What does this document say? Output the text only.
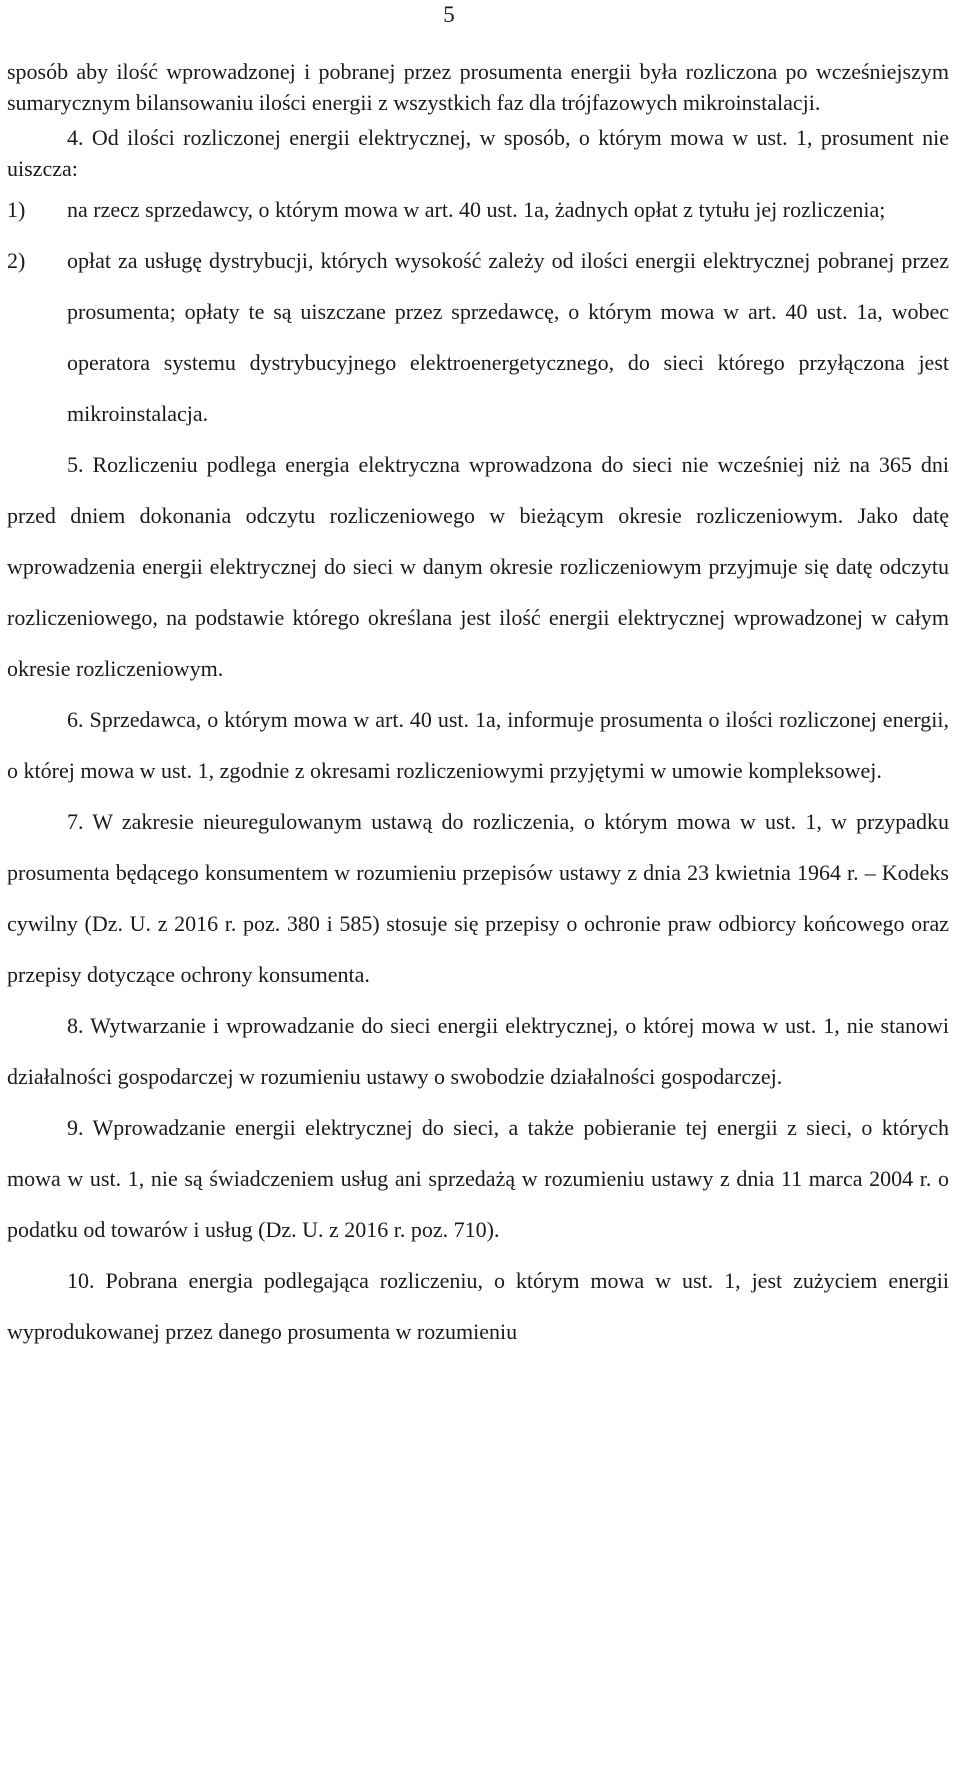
5

sposób aby ilość wprowadzonej i pobranej przez prosumenta energii była rozliczona po wcześniejszym sumarycznym bilansowaniu ilości energii z wszystkich faz dla trójfazowych mikroinstalacji.

4. Od ilości rozliczonej energii elektrycznej, w sposób, o którym mowa w ust. 1, prosument nie uiszcza:

1)	na rzecz sprzedawcy, o którym mowa w art. 40 ust. 1a, żadnych opłat z tytułu jej rozliczenia;
2)	opłat za usługę dystrybucji, których wysokość zależy od ilości energii elektrycznej pobranej przez prosumenta; opłaty te są uiszczane przez sprzedawcę, o którym mowa w art. 40 ust. 1a, wobec operatora systemu dystrybucyjnego elektroenergetycznego, do sieci którego przyłączona jest mikroinstalacja.

5. Rozliczeniu podlega energia elektryczna wprowadzona do sieci nie wcześniej niż na 365 dni przed dniem dokonania odczytu rozliczeniowego w bieżącym okresie rozliczeniowym. Jako datę wprowadzenia energii elektrycznej do sieci w danym okresie rozliczeniowym przyjmuje się datę odczytu rozliczeniowego, na podstawie którego określana jest ilość energii elektrycznej wprowadzonej w całym okresie rozliczeniowym.

6. Sprzedawca, o którym mowa w art. 40 ust. 1a, informuje prosumenta o ilości rozliczonej energii, o której mowa w ust. 1, zgodnie z okresami rozliczeniowymi przyjętymi w umowie kompleksowej.

7. W zakresie nieuregulowanym ustawą do rozliczenia, o którym mowa w ust. 1, w przypadku prosumenta będącego konsumentem w rozumieniu przepisów ustawy z dnia 23 kwietnia 1964 r. – Kodeks cywilny (Dz. U. z 2016 r. poz. 380 i 585) stosuje się przepisy o ochronie praw odbiorcy końcowego oraz przepisy dotyczące ochrony konsumenta.

8. Wytwarzanie i wprowadzanie do sieci energii elektrycznej, o której mowa w ust. 1, nie stanowi działalności gospodarczej w rozumieniu ustawy o swobodzie działalności gospodarczej.

9. Wprowadzanie energii elektrycznej do sieci, a także pobieranie tej energii z sieci, o których mowa w ust. 1, nie są świadczeniem usług ani sprzedażą w rozumieniu ustawy z dnia 11 marca 2004 r. o podatku od towarów i usług (Dz. U. z 2016 r. poz. 710).

10. Pobrana energia podlegająca rozliczeniu, o którym mowa w ust. 1, jest zużyciem energii wyprodukowanej przez danego prosumenta w rozumieniu
